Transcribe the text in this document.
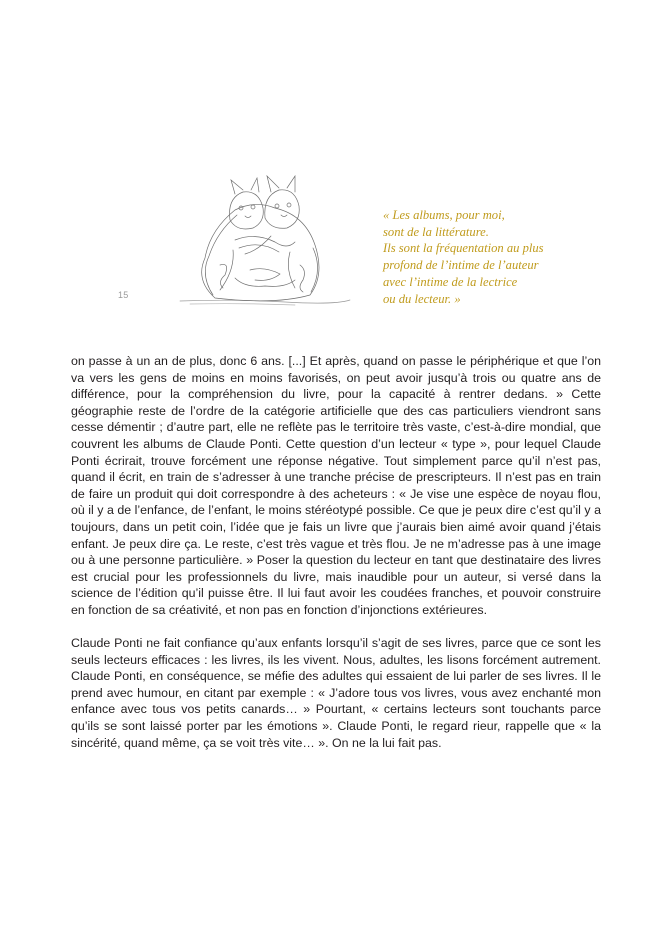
15
« Les albums, pour moi,
sont de la littérature.
Ils sont la fréquentation au plus
profond de l’intime de l’auteur
avec l’intime de la lectrice
ou du lecteur. »

on passe à un an de plus, donc 6 ans. [...] Et après, quand on passe le périphérique et que l’on va vers les gens de moins en moins favorisés, on peut avoir jusqu’à trois ou quatre ans de différence, pour la compréhension du livre, pour la capacité à rentrer dedans. » Cette géographie reste de l’ordre de la catégorie artificielle que des cas particuliers viendront sans cesse démentir ; d’autre part, elle ne reflète pas le territoire très vaste, c’est-à-dire mondial, que couvrent les albums de Claude Ponti. Cette question d’un lecteur « type », pour lequel Claude Ponti écrirait, trouve forcément une réponse négative. Tout simplement parce qu’il n’est pas, quand il écrit, en train de s’adresser à une tranche précise de prescripteurs. Il n’est pas en train de faire un produit qui doit correspondre à des acheteurs : « Je vise une espèce de noyau flou, où il y a de l’enfance, de l’enfant, le moins stéréotypé possible. Ce que je peux dire c’est qu’il y a toujours, dans un petit coin, l’idée que je fais un livre que j’aurais bien aimé avoir quand j’étais enfant. Je peux dire ça. Le reste, c’est très vague et très flou. Je ne m’adresse pas à une image ou à une personne particulière. » Poser la question du lecteur en tant que destinataire des livres est crucial pour les professionnels du livre, mais inaudible pour un auteur, si versé dans la science de l’édition qu’il puisse être. Il lui faut avoir les coudées franches, et pouvoir construire en fonction de sa créativité, et non pas en fonction d’injonctions extérieures.

Claude Ponti ne fait confiance qu’aux enfants lorsqu’il s’agit de ses livres, parce que ce sont les seuls lecteurs efficaces : les livres, ils les vivent. Nous, adultes, les lisons forcément autrement. Claude Ponti, en conséquence, se méfie des adultes qui essaient de lui parler de ses livres. Il le prend avec humour, en citant par exemple : « J’adore tous vos livres, vous avez enchanté mon enfance avec tous vos petits canards… » Pourtant, « certains lecteurs sont touchants parce qu’ils se sont laissé porter par les émotions ». Claude Ponti, le regard rieur, rappelle que « la sincérité, quand même, ça se voit très vite… ». On ne la lui fait pas.
